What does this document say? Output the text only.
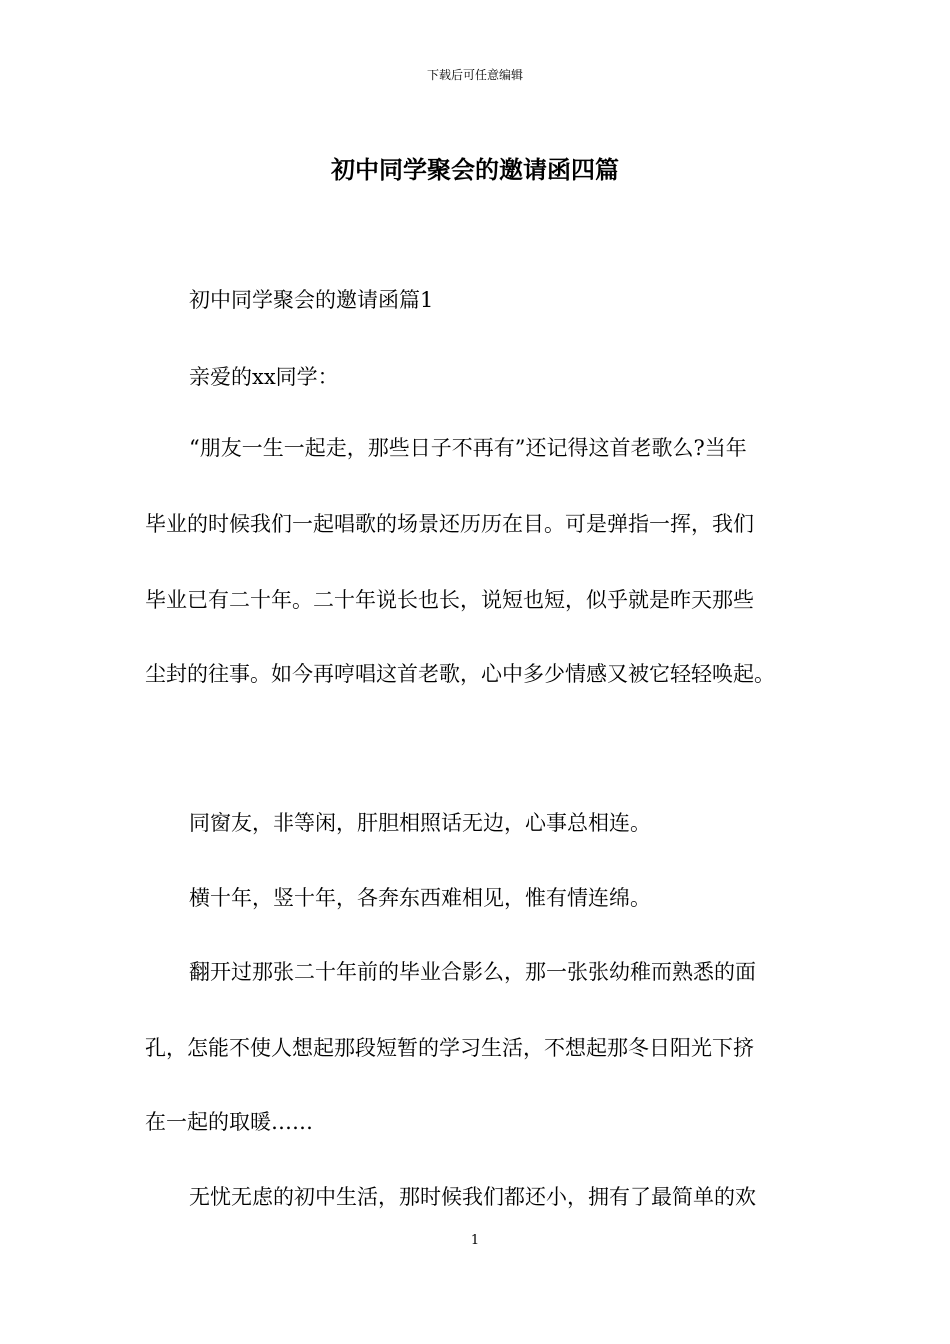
下载后可任意编辑
初中同学聚会的邀请函四篇
初中同学聚会的邀请函篇1
亲爱的xx同学：
“朋友一生一起走，那些日子不再有”还记得这首老歌么?当年
毕业的时候我们一起唱歌的场景还历历在目。可是弹指一挥，我们
毕业已有二十年。二十年说长也长，说短也短，似乎就是昨天那些
尘封的往事。如今再哼唱这首老歌，心中多少情感又被它轻轻唤起。
同窗友，非等闲，肝胆相照话无边，心事总相连。
横十年，竖十年，各奔东西难相见，惟有情连绵。
翻开过那张二十年前的毕业合影么，那一张张幼稚而熟悉的面
孔，怎能不使人想起那段短暂的学习生活，不想起那冬日阳光下挤
在一起的取暖……
无忧无虑的初中生活，那时候我们都还小，拥有了最简单的欢
1
